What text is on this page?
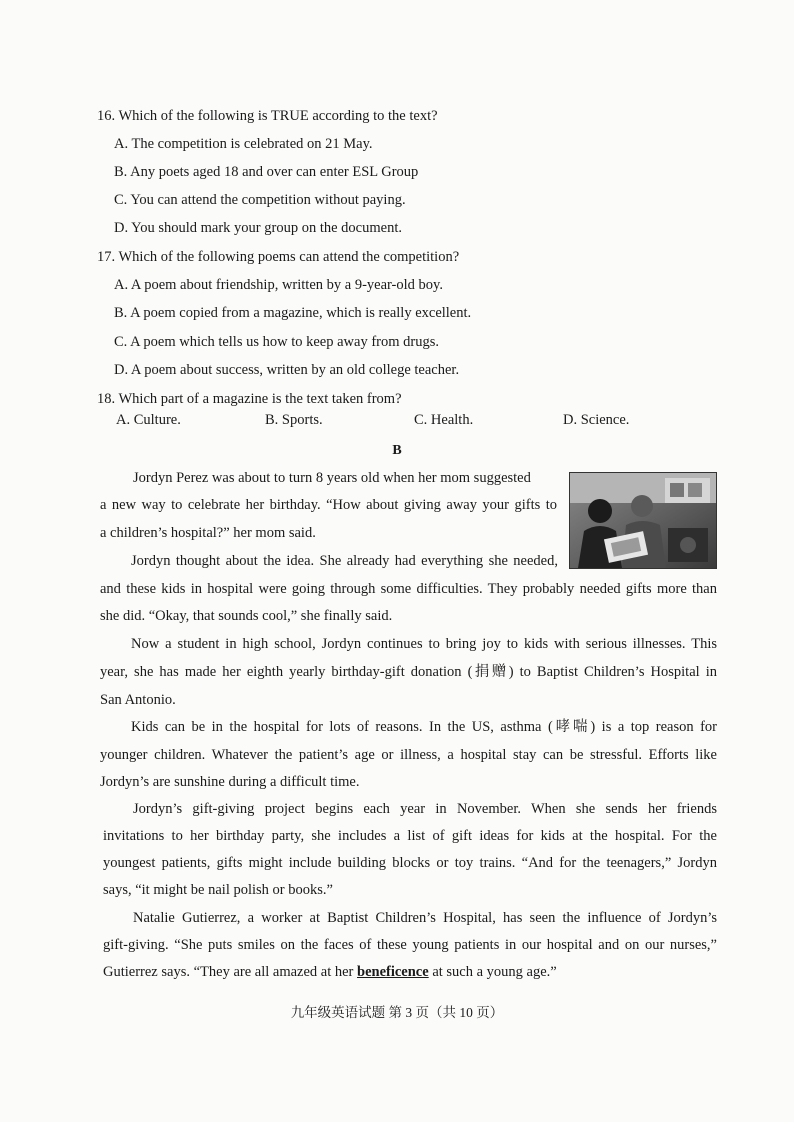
16. Which of the following is TRUE according to the text?
A. The competition is celebrated on 21 May.
B. Any poets aged 18 and over can enter ESL Group
C. You can attend the competition without paying.
D. You should mark your group on the document.
17. Which of the following poems can attend the competition?
A. A poem about friendship, written by a 9-year-old boy.
B. A poem copied from a magazine, which is really excellent.
C. A poem which tells us how to keep away from drugs.
D. A poem about success, written by an old college teacher.
18. Which part of a magazine is the text taken from?
A. Culture.	B. Sports.	C. Health.	D. Science.
B
Jordyn Perez was about to turn 8 years old when her mom suggested
a new way to celebrate her birthday. “How about giving away your gifts to
a children’s hospital?” her mom said.
Jordyn thought about the idea. She already had everything she needed,
and these kids in hospital were going through some difficulties. They probably needed gifts more than
she did. “Okay, that sounds cool,” she finally said.
Now a student in high school, Jordyn continues to bring joy to kids with serious illnesses. This
year, she has made her eighth yearly birthday-gift donation (捐赠) to Baptist Children’s Hospital in
San Antonio.
Kids can be in the hospital for lots of reasons. In the US, asthma (哮喘) is a top reason for
younger children. Whatever the patient’s age or illness, a hospital stay can be stressful. Efforts like
Jordyn’s are sunshine during a difficult time.
Jordyn’s gift-giving project begins each year in November. When she sends her friends
invitations to her birthday party, she includes a list of gift ideas for kids at the hospital. For the
youngest patients, gifts might include building blocks or toy trains. “And for the teenagers,” Jordyn
says, “it might be nail polish or books.”
Natalie Gutierrez, a worker at Baptist Children’s Hospital, has seen the influence of Jordyn’s
gift-giving. “She puts smiles on the faces of these young patients in our hospital and on our nurses,”
Gutierrez says. “They are all amazed at her beneficence at such a young age.”
九年级英语试题 第 3 页（共 10 页）
